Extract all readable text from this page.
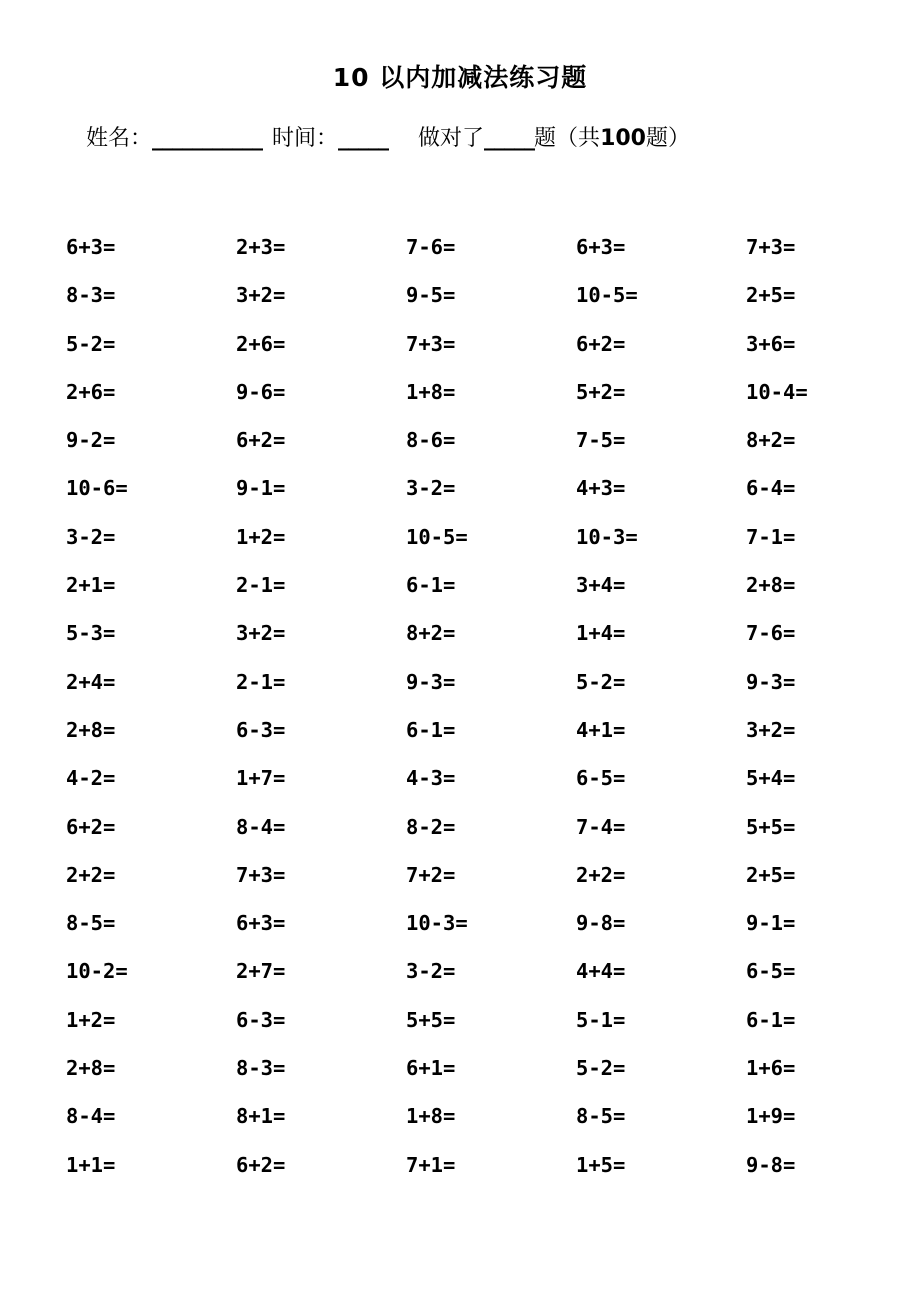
10 以内加减法练习题
姓名：___________ 时间：_____ 做对了_____题（共100题）
6+3=	2+3=	7-6=	6+3=	7+3=
8-3=	3+2=	9-5=	10-5=	2+5=
5-2=	2+6=	7+3=	6+2=	3+6=
2+6=	9-6=	1+8=	5+2=	10-4=
9-2=	6+2=	8-6=	7-5=	8+2=
10-6=	9-1=	3-2=	4+3=	6-4=
3-2=	1+2=	10-5=	10-3=	7-1=
2+1=	2-1=	6-1=	3+4=	2+8=
5-3=	3+2=	8+2=	1+4=	7-6=
2+4=	2-1=	9-3=	5-2=	9-3=
2+8=	6-3=	6-1=	4+1=	3+2=
4-2=	1+7=	4-3=	6-5=	5+4=
6+2=	8-4=	8-2=	7-4=	5+5=
2+2=	7+3=	7+2=	2+2=	2+5=
8-5=	6+3=	10-3=	9-8=	9-1=
10-2=	2+7=	3-2=	4+4=	6-5=
1+2=	6-3=	5+5=	5-1=	6-1=
2+8=	8-3=	6+1=	5-2=	1+6=
8-4=	8+1=	1+8=	8-5=	1+9=
1+1=	6+2=	7+1=	1+5=	9-8=
